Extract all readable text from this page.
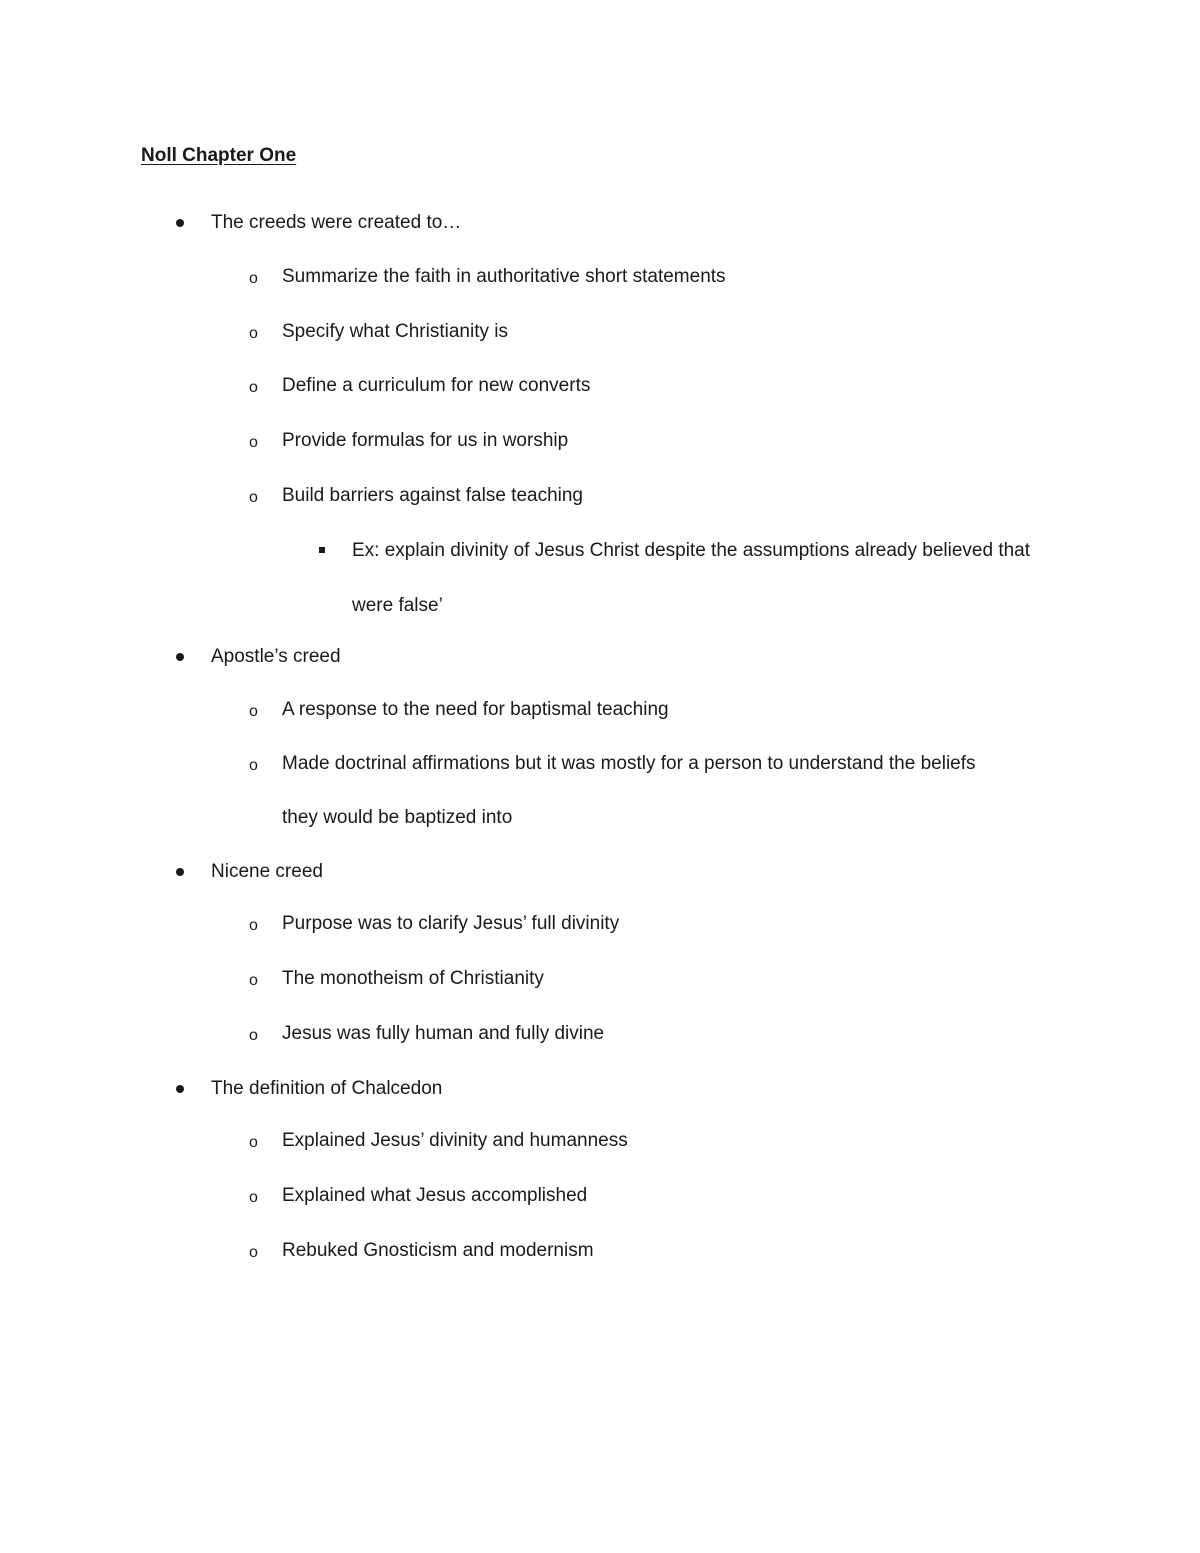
Noll Chapter One
The creeds were created to…
o Summarize the faith in authoritative short statements
o Specify what Christianity is
o Define a curriculum for new converts
o Provide formulas for us in worship
o Build barriers against false teaching
Ex: explain divinity of Jesus Christ despite the assumptions already believed that
were false’
Apostle’s creed
o A response to the need for baptismal teaching
o Made doctrinal affirmations but it was mostly for a person to understand the beliefs
they would be baptized into
Nicene creed
o Purpose was to clarify Jesus’ full divinity
o The monotheism of Christianity
o Jesus was fully human and fully divine
The definition of Chalcedon
o Explained Jesus’ divinity and humanness
o Explained what Jesus accomplished
o Rebuked Gnosticism and modernism
